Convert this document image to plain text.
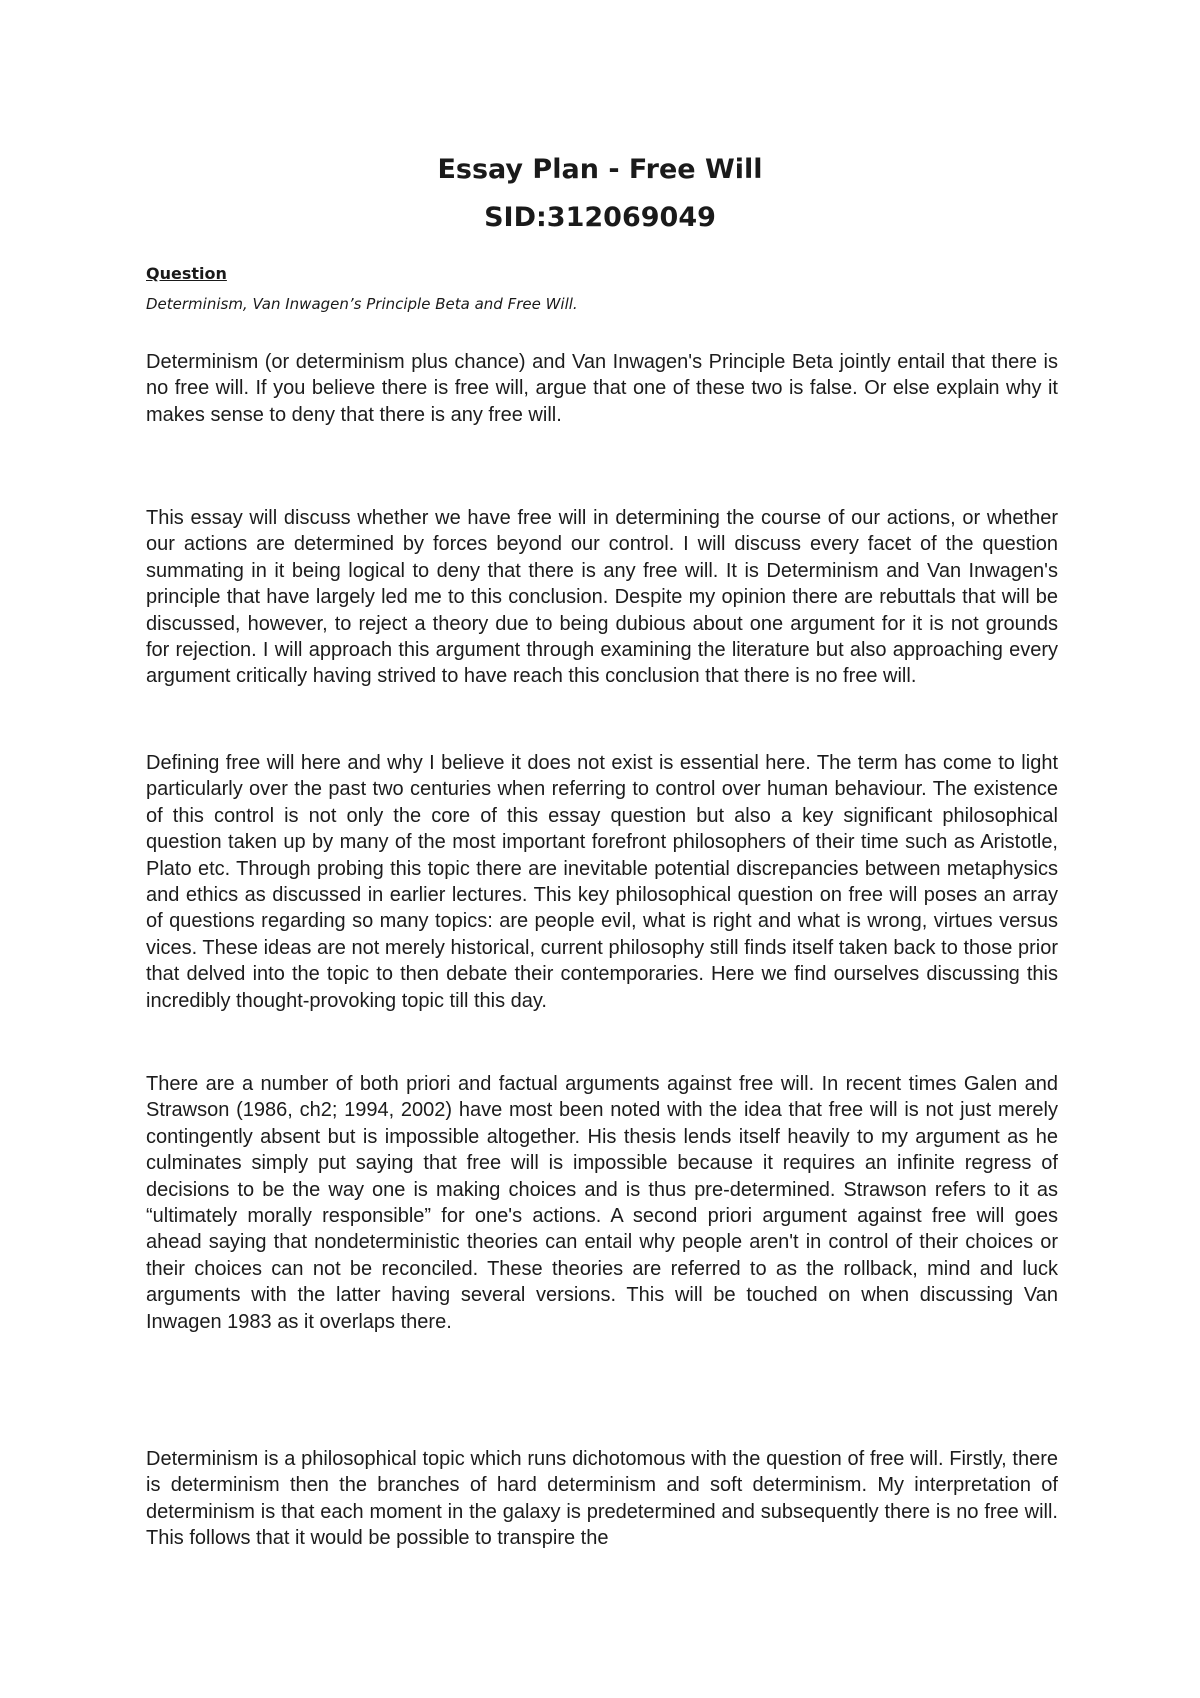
Essay Plan - Free Will
SID:312069049
Question
Determinism, Van Inwagen’s Principle Beta and Free Will.

Determinism (or determinism plus chance) and Van Inwagen's Principle Beta jointly entail that there is no free will. If you believe there is free will, argue that one of these two is false. Or else explain why it makes sense to deny that there is any free will.

This essay will discuss whether we have free will in determining the course of our actions, or whether our actions are determined by forces beyond our control. I will discuss every facet of the question summating in it being logical to deny that there is any free will. It is Determinism and Van Inwagen's principle that have largely led me to this conclusion. Despite my opinion there are rebuttals that will be discussed, however, to reject a theory due to being dubious about one argument for it is not grounds for rejection. I will approach this argument through examining the literature but also approaching every argument critically having strived to have reach this conclusion that there is no free will.

Defining free will here and why I believe it does not exist is essential here. The term has come to light particularly over the past two centuries when referring to control over human behaviour. The existence of this control is not only the core of this essay question but also a key significant philosophical question taken up by many of the most important forefront philosophers of their time such as Aristotle, Plato etc. Through probing this topic there are inevitable potential discrepancies between metaphysics and ethics as discussed in earlier lectures. This key philosophical question on free will poses an array of questions regarding so many topics: are people evil, what is right and what is wrong, virtues versus vices. These ideas are not merely historical, current philosophy still finds itself taken back to those prior that delved into the topic to then debate their contemporaries. Here we find ourselves discussing this incredibly thought-provoking topic till this day.

There are a number of both priori and factual arguments against free will. In recent times Galen and Strawson (1986, ch2; 1994, 2002) have most been noted with the idea that free will is not just merely contingently absent but is impossible altogether. His thesis lends itself heavily to my argument as he culminates simply put saying that free will is impossible because it requires an infinite regress of decisions to be the way one is making choices and is thus pre-determined. Strawson refers to it as “ultimately morally responsible” for one's actions. A second priori argument against free will goes ahead saying that nondeterministic theories can entail why people aren't in control of their choices or their choices can not be reconciled. These theories are referred to as the rollback, mind and luck arguments with the latter having several versions. This will be touched on when discussing Van Inwagen 1983 as it overlaps there.

Determinism is a philosophical topic which runs dichotomous with the question of free will. Firstly, there is determinism then the branches of hard determinism and soft determinism. My interpretation of determinism is that each moment in the galaxy is predetermined and subsequently there is no free will. This follows that it would be possible to transpire the
